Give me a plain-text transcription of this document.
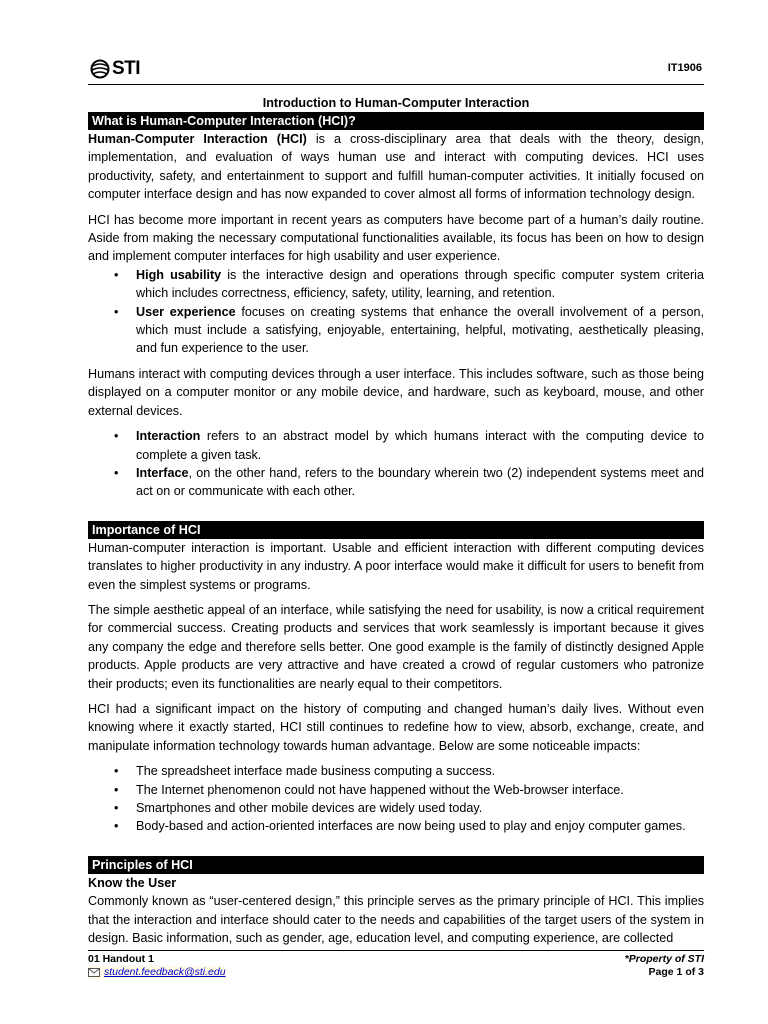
STI	IT1906
Introduction to Human-Computer Interaction
What is Human-Computer Interaction (HCI)?

Human-Computer Interaction (HCI) is a cross-disciplinary area that deals with the theory, design, implementation, and evaluation of ways human use and interact with computing devices. HCI uses productivity, safety, and entertainment to support and fulfill human-computer activities. It initially focused on computer interface design and has now expanded to cover almost all forms of information technology design.

HCI has become more important in recent years as computers have become part of a human’s daily routine. Aside from making the necessary computational functionalities available, its focus has been on how to design and implement computer interfaces for high usability and user experience.

• High usability is the interactive design and operations through specific computer system criteria which includes correctness, efficiency, safety, utility, learning, and retention.
• User experience focuses on creating systems that enhance the overall involvement of a person, which must include a satisfying, enjoyable, entertaining, helpful, motivating, aesthetically pleasing, and fun experience to the user.

Humans interact with computing devices through a user interface. This includes software, such as those being displayed on a computer monitor or any mobile device, and hardware, such as keyboard, mouse, and other external devices.

• Interaction refers to an abstract model by which humans interact with the computing device to complete a given task.
• Interface, on the other hand, refers to the boundary wherein two (2) independent systems meet and act on or communicate with each other.
Importance of HCI

Human-computer interaction is important. Usable and efficient interaction with different computing devices translates to higher productivity in any industry. A poor interface would make it difficult for users to benefit from even the simplest systems or programs.

The simple aesthetic appeal of an interface, while satisfying the need for usability, is now a critical requirement for commercial success. Creating products and services that work seamlessly is important because it gives any company the edge and therefore sells better. One good example is the family of distinctly designed Apple products. Apple products are very attractive and have created a crowd of regular customers who patronize their products; even its functionalities are nearly equal to their competitors.

HCI had a significant impact on the history of computing and changed human’s daily lives. Without even knowing where it exactly started, HCI still continues to redefine how to view, absorb, exchange, create, and manipulate information technology towards human advantage. Below are some noticeable impacts:

• The spreadsheet interface made business computing a success.
• The Internet phenomenon could not have happened without the Web-browser interface.
• Smartphones and other mobile devices are widely used today.
• Body-based and action-oriented interfaces are now being used to play and enjoy computer games.
Principles of HCI
Know the User

Commonly known as “user-centered design,” this principle serves as the primary principle of HCI. This implies that the interaction and interface should cater to the needs and capabilities of the target users of the system in design. Basic information, such as gender, age, education level, and computing experience, are collected

01 Handout 1	*Property of STI
student.feedback@sti.edu	Page 1 of 3
